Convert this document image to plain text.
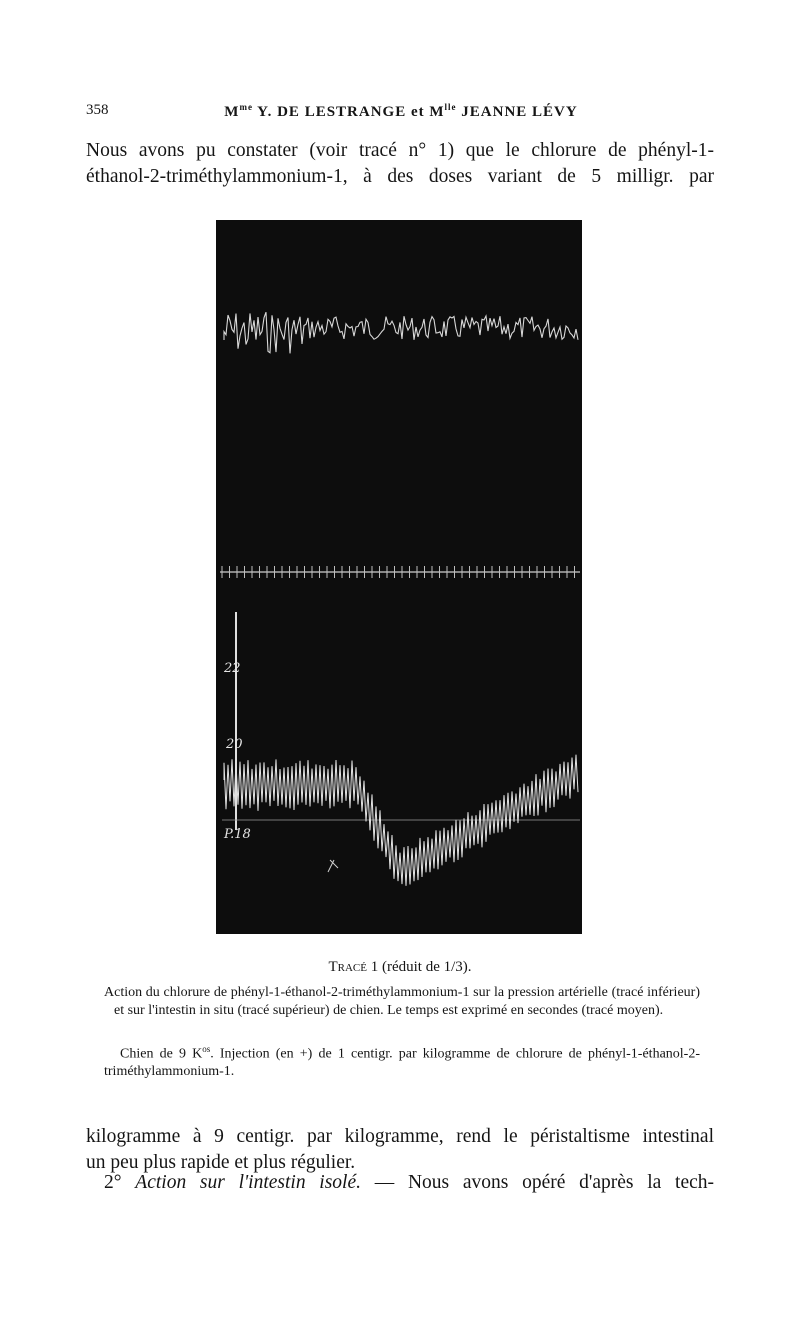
358	$M^{me}$ Y. DE LESTRANGE et $M^{lle}$ JEANNE LÉVY
Nous avons pu constater (voir tracé n° 1) que le chlorure de phényl-1-
éthanol-2-triméthylammonium-1, à des doses variant de 5 milligr. par
22
20
P.18
Tracé 1 (réduit de 1/3).
Action du chlorure de phényl-1-éthanol-2-triméthylammonium-1 sur la pression artérielle (tracé inférieur) et sur l'intestin in situ (tracé supérieur) de chien. Le temps est exprimé en secondes (tracé moyen).
Chien de 9 $K^{os}$. Injection (en +) de 1 centigr. par kilogramme de chlorure de phényl-1-éthanol-2-triméthylammonium-1.
kilogramme à 9 centigr. par kilogramme, rend le péristaltisme intestinal
un peu plus rapide et plus régulier.
2° Action sur l'intestin isolé. — Nous avons opéré d'après la tech-
